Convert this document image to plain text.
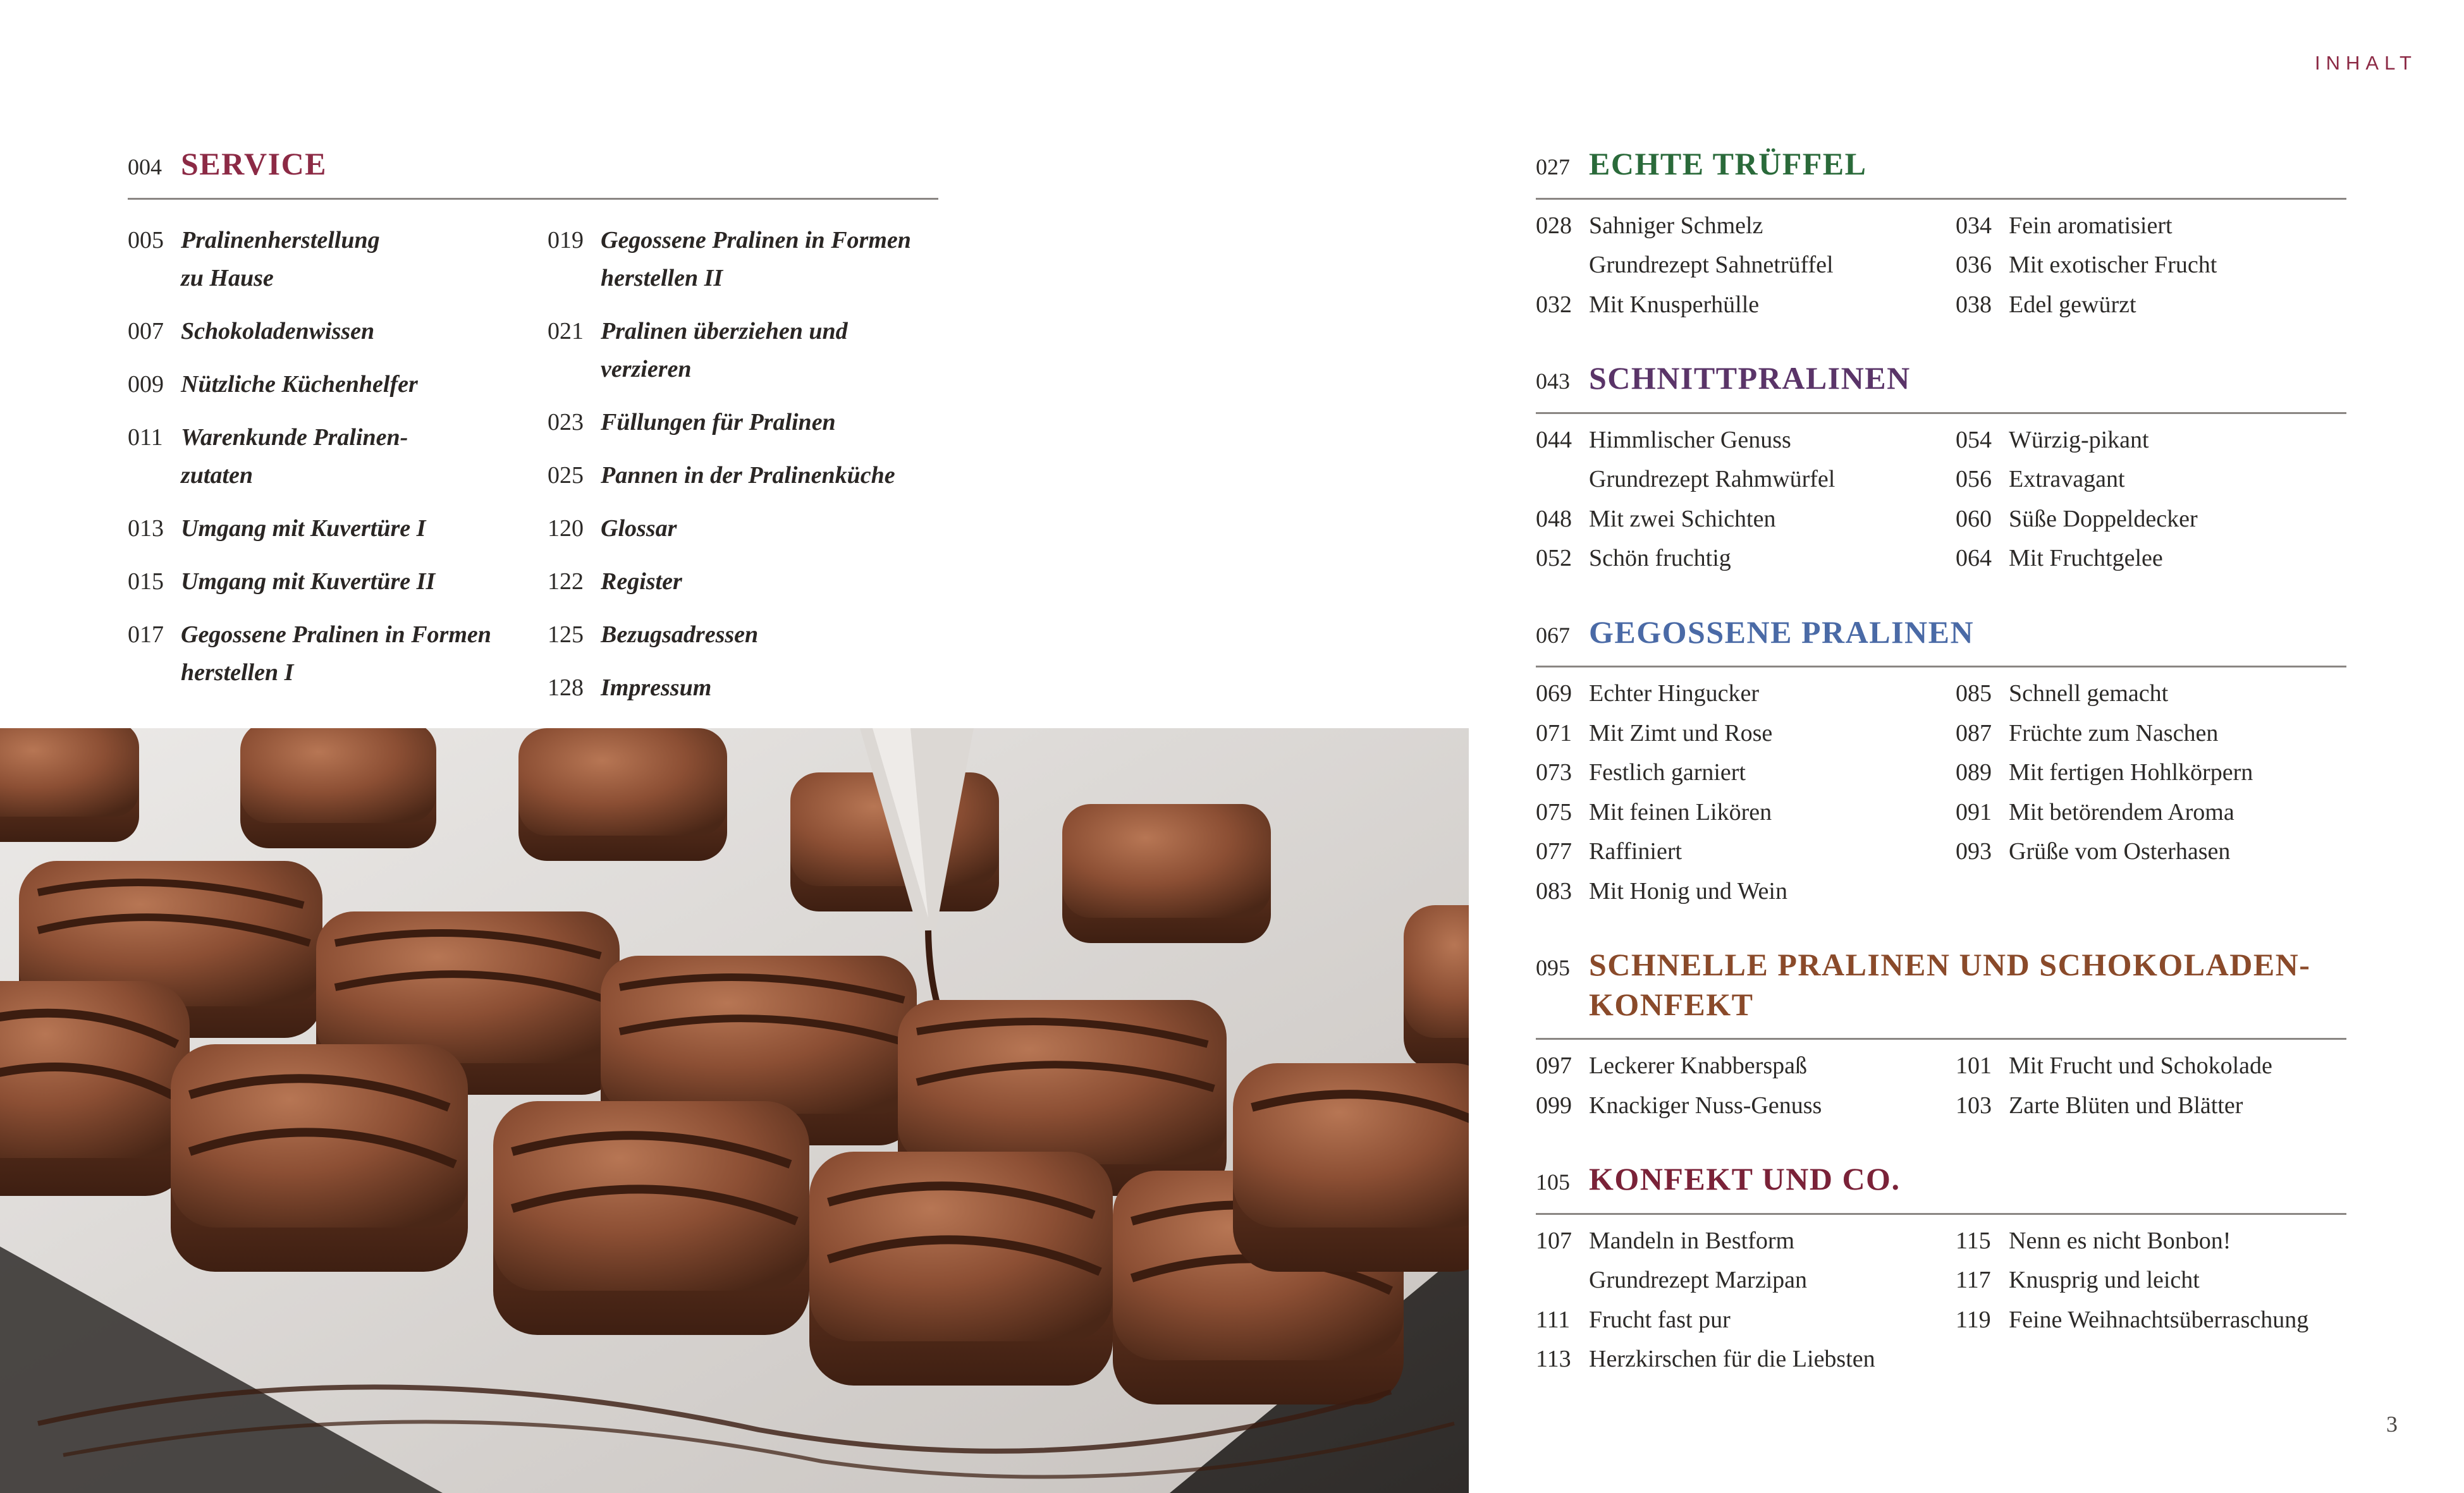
INHALT
004 SERVICE
005 Pralinenherstellung
zu Hause
007 Schokoladenwissen
009 Nützliche Küchenhelfer
011 Warenkunde Pralinen-
zutaten
013 Umgang mit Kuvertüre I
015 Umgang mit Kuvertüre II
017 Gegossene Pralinen in Formen
herstellen I
019 Gegossene Pralinen in Formen
herstellen II
021 Pralinen überziehen und
verzieren
023 Füllungen für Pralinen
025 Pannen in der Pralinenküche
120 Glossar
122 Register
125 Bezugsadressen
128 Impressum
027 ECHTE TRÜFFEL
028 Sahniger Schmelz
Grundrezept Sahnetrüffel
032 Mit Knusperhülle
034 Fein aromatisiert
036 Mit exotischer Frucht
038 Edel gewürzt
043 SCHNITTPRALINEN
044 Himmlischer Genuss
Grundrezept Rahmwürfel
048 Mit zwei Schichten
052 Schön fruchtig
054 Würzig-pikant
056 Extravagant
060 Süße Doppeldecker
064 Mit Fruchtgelee
067 GEGOSSENE PRALINEN
069 Echter Hingucker
071 Mit Zimt und Rose
073 Festlich garniert
075 Mit feinen Likören
077 Raffiniert
083 Mit Honig und Wein
085 Schnell gemacht
087 Früchte zum Naschen
089 Mit fertigen Hohlkörpern
091 Mit betörendem Aroma
093 Grüße vom Osterhasen
095 SCHNELLE PRALINEN UND SCHOKOLADEN-
KONFEKT
097 Leckerer Knabberspaß
099 Knackiger Nuss-Genuss
101 Mit Frucht und Schokolade
103 Zarte Blüten und Blätter
105 KONFEKT UND CO.
107 Mandeln in Bestform
Grundrezept Marzipan
111 Frucht fast pur
113 Herzkirschen für die Liebsten
115 Nenn es nicht Bonbon!
117 Knusprig und leicht
119 Feine Weihnachtsüberraschung
3
